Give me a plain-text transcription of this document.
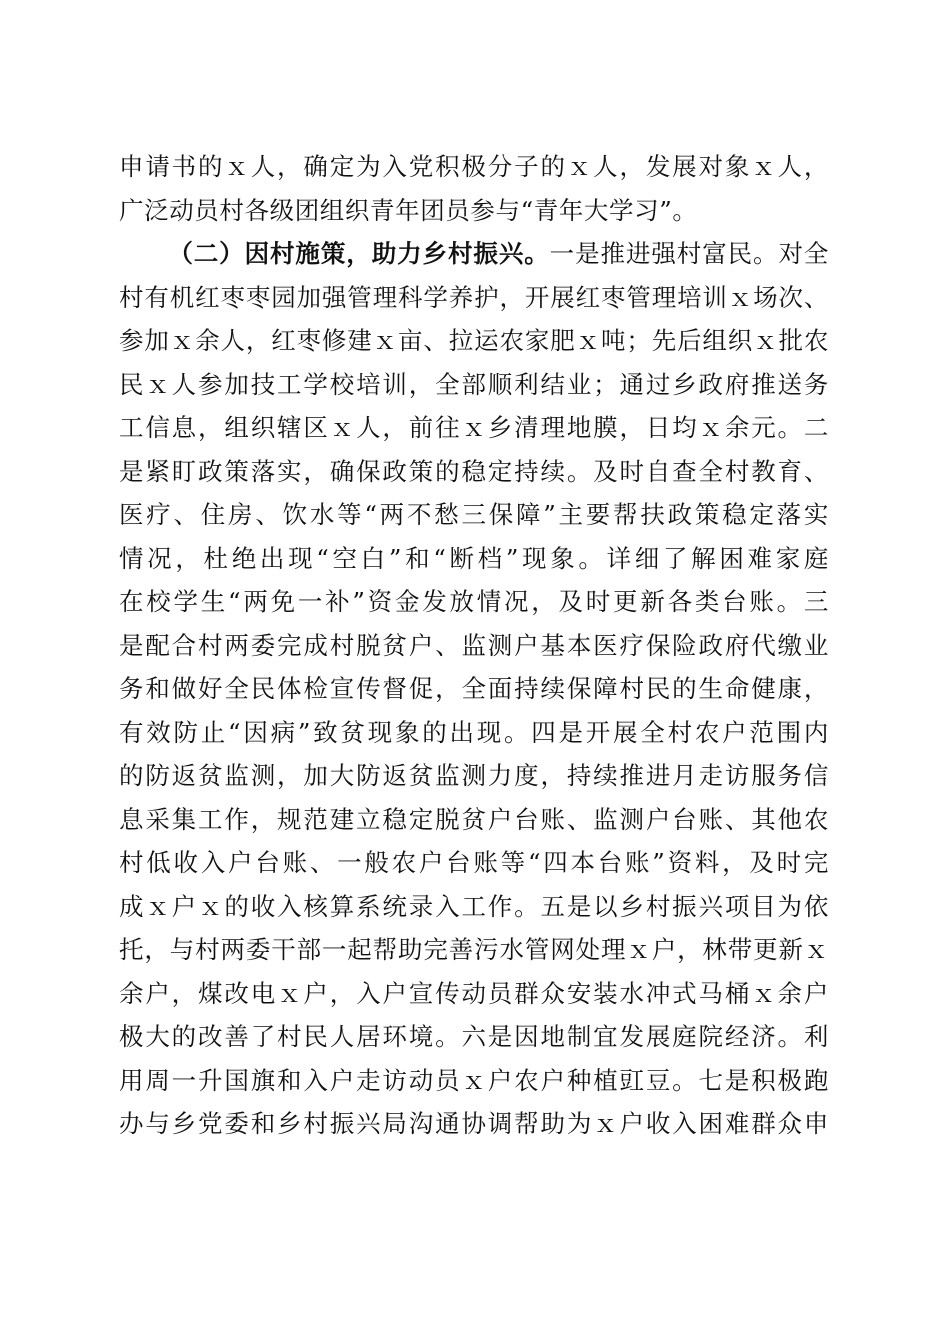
申请书的ｘ人，确定为入党积极分子的ｘ人，发展对象ｘ人，
广泛动员村各级团组织青年团员参与“青年大学习”。
（二）因村施策，助力乡村振兴。一是推进强村富民。对全
村有机红枣枣园加强管理科学养护，开展红枣管理培训ｘ场次、
参加ｘ余人，红枣修建ｘ亩、拉运农家肥ｘ吨；先后组织ｘ批农
民ｘ人参加技工学校培训，全部顺利结业；通过乡政府推送务
工信息，组织辖区ｘ人，前往ｘ乡清理地膜，日均ｘ余元。二
是紧盯政策落实，确保政策的稳定持续。及时自查全村教育、
医疗、住房、饮水等“两不愁三保障”主要帮扶政策稳定落实
情况，杜绝出现“空白”和“断档”现象。详细了解困难家庭
在校学生“两免一补”资金发放情况，及时更新各类台账。三
是配合村两委完成村脱贫户、监测户基本医疗保险政府代缴业
务和做好全民体检宣传督促，全面持续保障村民的生命健康，
有效防止“因病”致贫现象的出现。四是开展全村农户范围内
的防返贫监测，加大防返贫监测力度，持续推进月走访服务信
息采集工作，规范建立稳定脱贫户台账、监测户台账、其他农
村低收入户台账、一般农户台账等“四本台账”资料，及时完
成ｘ户ｘ的收入核算系统录入工作。五是以乡村振兴项目为依
托，与村两委干部一起帮助完善污水管网处理ｘ户，林带更新ｘ
余户，煤改电ｘ户，入户宣传动员群众安装水冲式马桶ｘ余户
极大的改善了村民人居环境。六是因地制宜发展庭院经济。利
用周一升国旗和入户走访动员ｘ户农户种植豇豆。七是积极跑
办与乡党委和乡村振兴局沟通协调帮助为ｘ户收入困难群众申
